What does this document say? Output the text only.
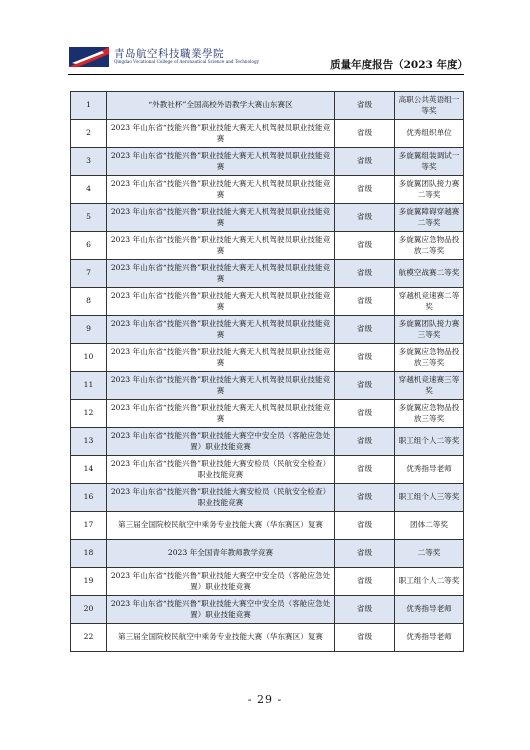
青岛航空科技職業學院
Qingdao Vocational College of Aeronautical Science and Technology	质量年度报告（2023 年度）
1	“外教社杯”全国高校外语教学大赛山东赛区	省级	高职公共英语组一等奖
2	2023 年山东省“技能兴鲁”职业技能大赛无人机驾驶员职业技能竞赛	省级	优秀组织单位
3	2023 年山东省“技能兴鲁”职业技能大赛无人机驾驶员职业技能竞赛	省级	多旋翼组装调试一等奖
4	2023 年山东省“技能兴鲁”职业技能大赛无人机驾驶员职业技能竞赛	省级	多旋翼团队接力赛二等奖
5	2023 年山东省“技能兴鲁”职业技能大赛无人机驾驶员职业技能竞赛	省级	多旋翼障碍穿越赛二等奖
6	2023 年山东省“技能兴鲁”职业技能大赛无人机驾驶员职业技能竞赛	省级	多旋翼应急物品投放二等奖
7	2023 年山东省“技能兴鲁”职业技能大赛无人机驾驶员职业技能竞赛	省级	航模空战赛二等奖
8	2023 年山东省“技能兴鲁”职业技能大赛无人机驾驶员职业技能竞赛	省级	穿越机竞速赛二等奖
9	2023 年山东省“技能兴鲁”职业技能大赛无人机驾驶员职业技能竞赛	省级	多旋翼团队接力赛三等奖
10	2023 年山东省“技能兴鲁”职业技能大赛无人机驾驶员职业技能竞赛	省级	多旋翼应急物品投放三等奖
11	2023 年山东省“技能兴鲁”职业技能大赛无人机驾驶员职业技能竞赛	省级	穿越机竞速赛三等奖
12	2023 年山东省“技能兴鲁”职业技能大赛无人机驾驶员职业技能竞赛	省级	多旋翼应急物品投放三等奖
13	2023 年山东省“技能兴鲁”职业技能大赛空中安全员（客舱应急处置）职业技能竞赛	省级	职工组个人二等奖
14	2023 年山东省“技能兴鲁”职业技能大赛安检员（民航安全检查）职业技能竞赛	省级	优秀指导老师
16	2023 年山东省“技能兴鲁”职业技能大赛安检员（民航安全检查）职业技能竞赛	省级	职工组个人三等奖
17	第三届全国院校民航空中乘务专业技能大赛（华东赛区）复赛	省级	团体二等奖
18	2023 年全国青年教师教学竞赛	省级	二等奖
19	2023 年山东省“技能兴鲁”职业技能大赛空中安全员（客舱应急处置）职业技能竞赛	省级	职工组个人二等奖
20	2023 年山东省“技能兴鲁”职业技能大赛空中安全员（客舱应急处置）职业技能竞赛	省级	优秀指导老师
22	第三届全国院校民航空中乘务专业技能大赛（华东赛区）复赛	省级	优秀指导老师
- 29 -
